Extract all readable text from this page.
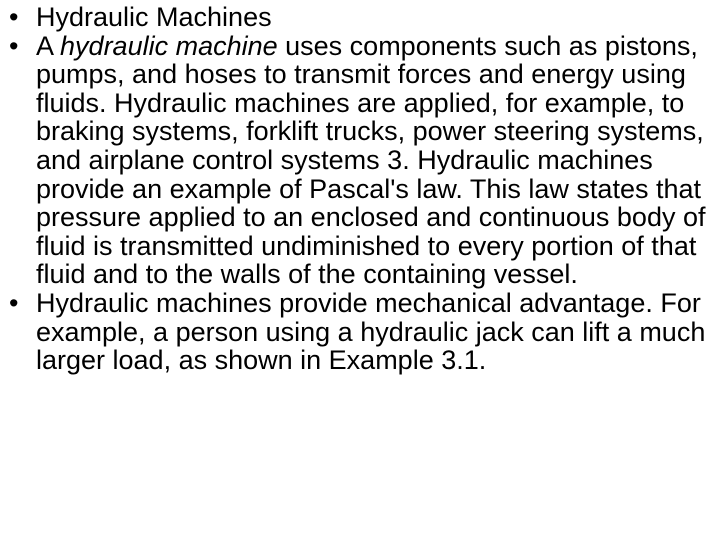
• Hydraulic Machines
• A hydraulic machine uses components such as pistons, pumps, and hoses to transmit forces and energy using fluids. Hydraulic machines are applied, for example, to braking systems, forklift trucks, power steering systems, and airplane control systems 3. Hydraulic machines provide an example of Pascal's law. This law states that pressure applied to an enclosed and continuous body of fluid is transmitted undiminished to every portion of that fluid and to the walls of the containing vessel.
• Hydraulic machines provide mechanical advantage. For example, a person using a hydraulic jack can lift a much larger load, as shown in Example 3.1.
